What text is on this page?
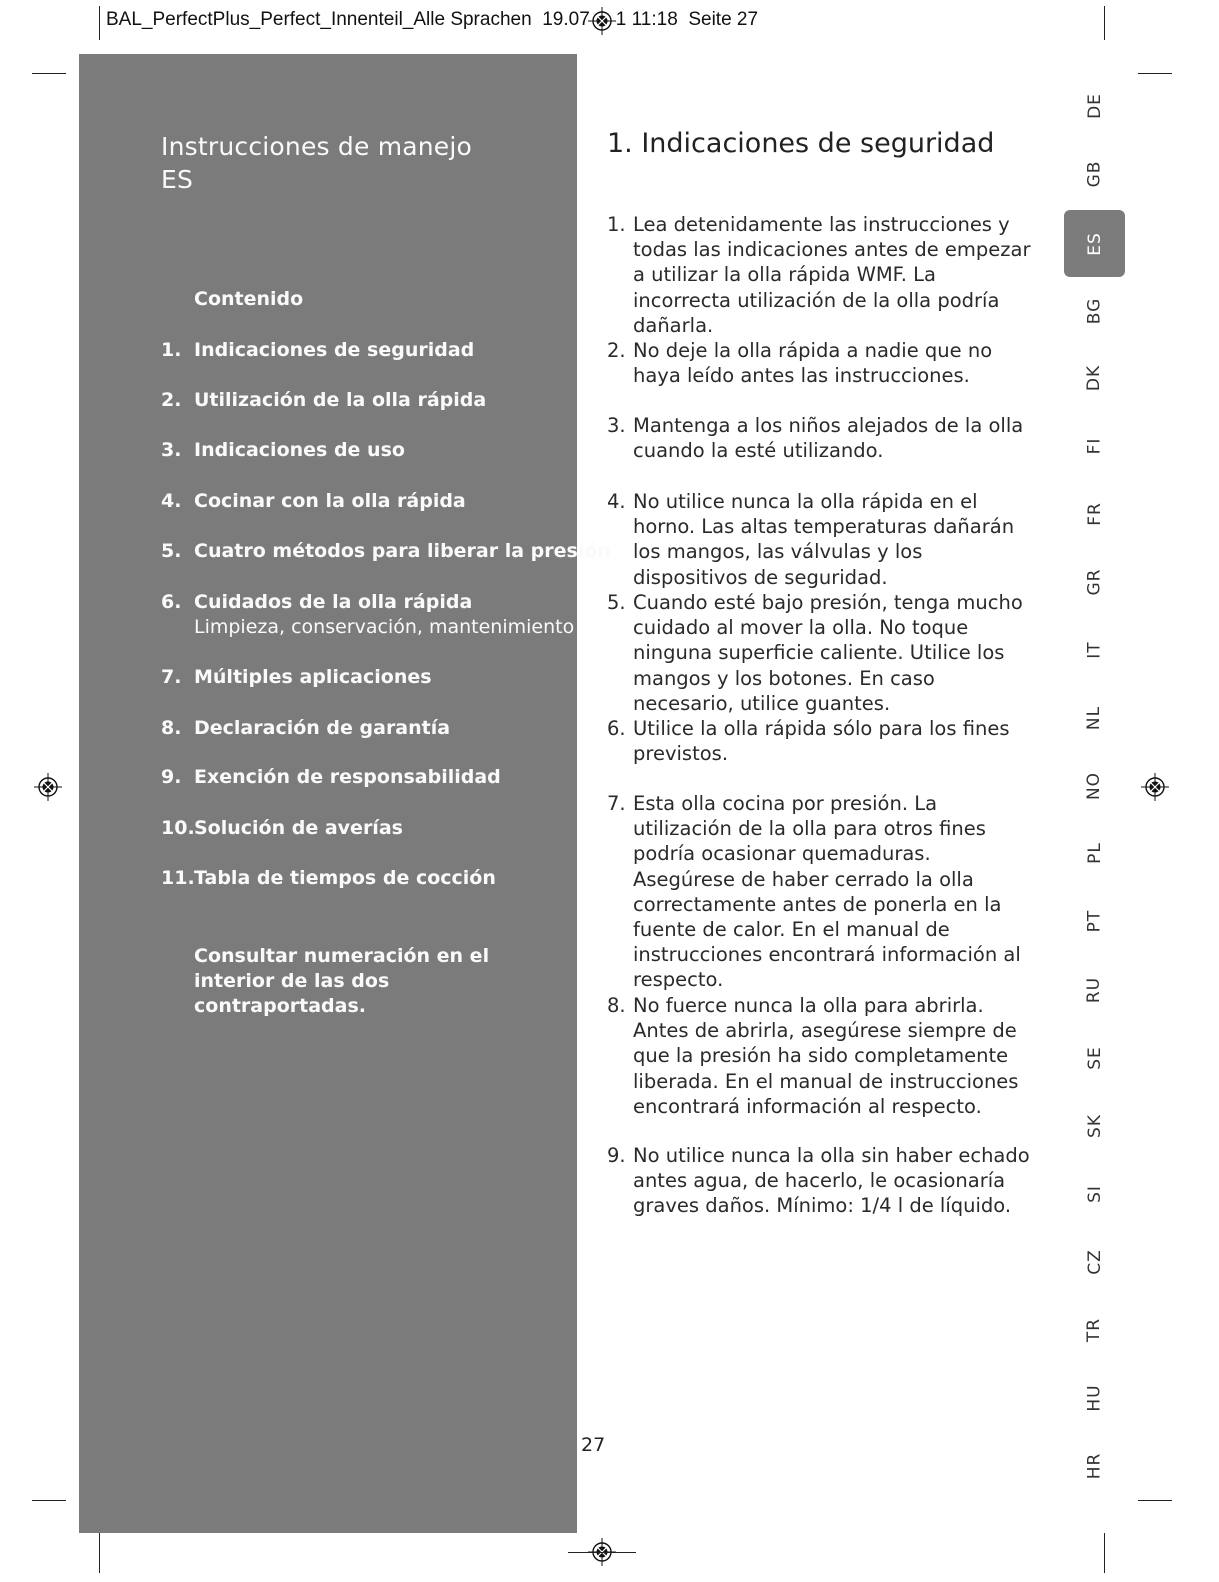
BAL_PerfectPlus_Perfect_Innenteil_Alle Sprachen 19.07 1 11:18 Seite 27
Instrucciones de manejo
ES
Contenido
1. Indicaciones de seguridad
2. Utilización de la olla rápida
3. Indicaciones de uso
4. Cocinar con la olla rápida
5. Cuatro métodos para liberar la presión
6. Cuidados de la olla rápida
Limpieza, conservación, mantenimiento
7. Múltiples aplicaciones
8. Declaración de garantía
9. Exención de responsabilidad
10. Solución de averías
11. Tabla de tiempos de cocción
Consultar numeración en el interior de las dos contraportadas.
1. Indicaciones de seguridad
1. Lea detenidamente las instrucciones y todas las indicaciones antes de empezar a utilizar la olla rápida WMF. La incorrecta utilización de la olla podría dañarla.
2. No deje la olla rápida a nadie que no haya leído antes las instrucciones.
3. Mantenga a los niños alejados de la olla cuando la esté utilizando.
4. No utilice nunca la olla rápida en el horno. Las altas temperaturas dañarán los mangos, las válvulas y los dispositivos de seguridad.
5. Cuando esté bajo presión, tenga mucho cuidado al mover la olla. No toque ninguna superficie caliente. Utilice los mangos y los botones. En caso necesario, utilice guantes.
6. Utilice la olla rápida sólo para los fines previstos.
7. Esta olla cocina por presión. La utilización de la olla para otros fines podría ocasionar quemaduras. Asegúrese de haber cerrado la olla correctamente antes de ponerla en la fuente de calor. En el manual de instrucciones encontrará información al respecto.
8. No fuerce nunca la olla para abrirla. Antes de abrirla, asegúrese siempre de que la presión ha sido completamente liberada. En el manual de instrucciones encontrará información al respecto.
9. No utilice nunca la olla sin haber echado antes agua, de hacerlo, le ocasionaría graves daños. Mínimo: 1/4 l de líquido.
27
DE
GB
ES
BG
DK
FI
FR
GR
IT
NL
NO
PL
PT
RU
SE
SK
SI
CZ
TR
HU
HR
